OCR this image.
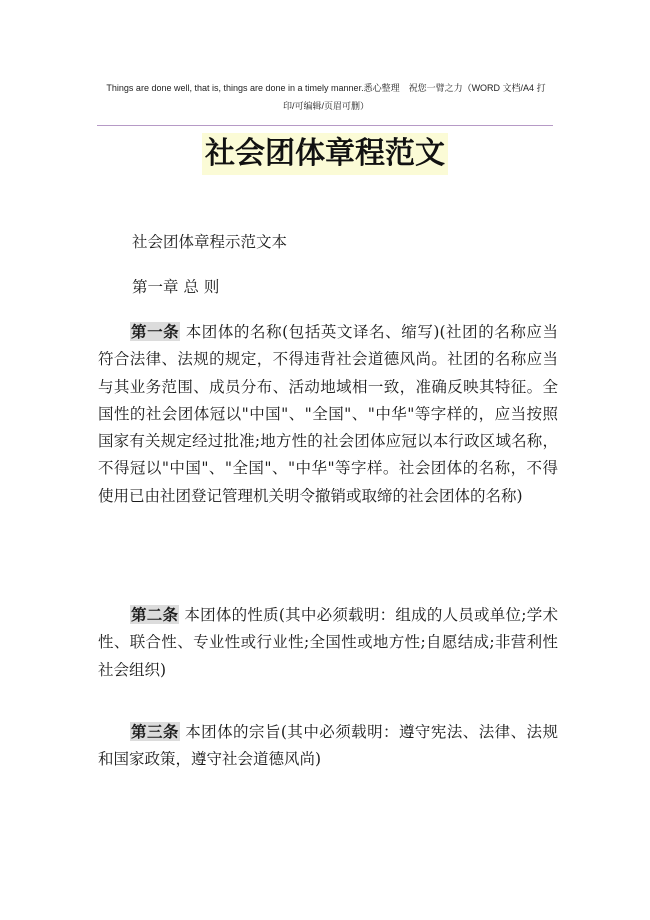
Things are done well, that is, things are done in a timely manner.悉心整理　祝您一臂之力（WORD 文档/A4 打
印/可编辑/页眉可删）
社会团体章程范文
社会团体章程示范文本
第一章 总 则

第一条 本团体的名称(包括英文译名、缩写)(社团的名称应当符合法律、法规的规定，不得违背社会道德风尚。社团的名称应当与其业务范围、成员分布、活动地域相一致，准确反映其特征。全国性的社会团体冠以"中国"、"全国"、"中华"等字样的，应当按照国家有关规定经过批准;地方性的社会团体应冠以本行政区域名称，不得冠以"中国"、"全国"、"中华"等字样。社会团体的名称，不得使用已由社团登记管理机关明令撤销或取缔的社会团体的名称)

第二条 本团体的性质(其中必须载明：组成的人员或单位;学术性、联合性、专业性或行业性;全国性或地方性;自愿结成;非营利性社会组织)

第三条 本团体的宗旨(其中必须载明：遵守宪法、法律、法规和国家政策，遵守社会道德风尚)
